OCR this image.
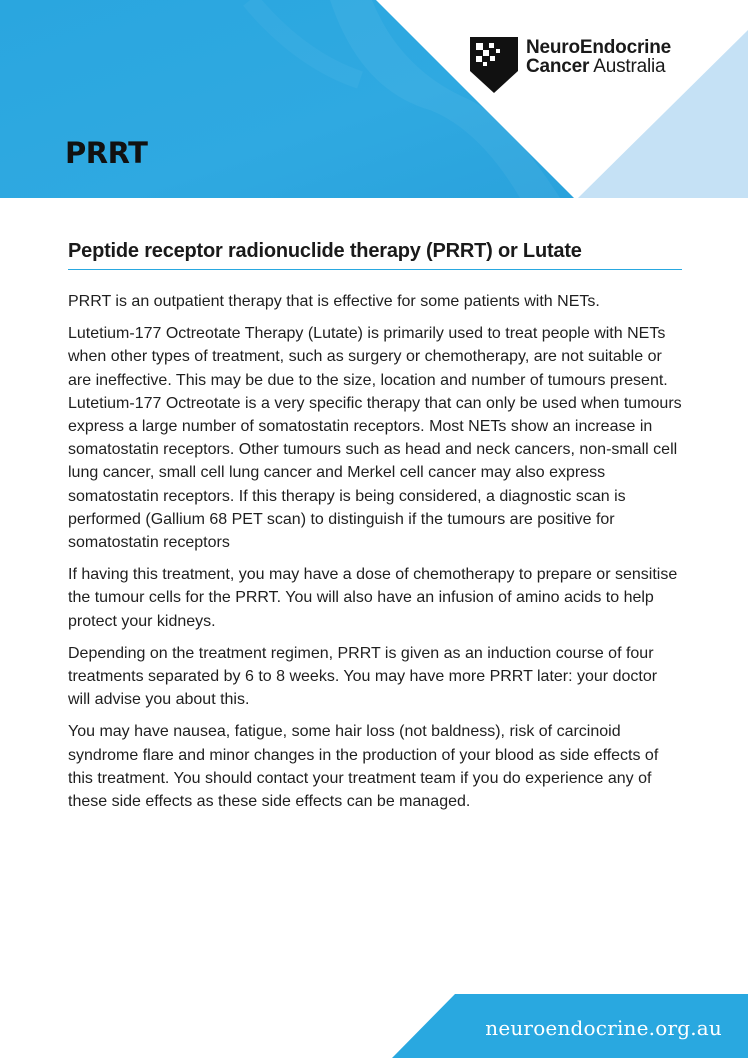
NeuroEndocrine
Cancer Australia
PRRT
Peptide receptor radionuclide therapy (PRRT) or Lutate

PRRT is an outpatient therapy that is effective for some patients with NETs.

Lutetium-177 Octreotate Therapy (Lutate) is primarily used to treat people with NETs when other types of treatment, such as surgery or chemotherapy, are not suitable or are ineffective. This may be due to the size, location and number of tumours present. Lutetium-177 Octreotate is a very specific therapy that can only be used when tumours express a large number of somatostatin receptors. Most NETs show an increase in somatostatin receptors. Other tumours such as head and neck cancers, non-small cell lung cancer, small cell lung cancer and Merkel cell cancer may also express somatostatin receptors. If this therapy is being considered, a diagnostic scan is performed (Gallium 68 PET scan) to distinguish if the tumours are positive for somatostatin receptors

If having this treatment, you may have a dose of chemotherapy to prepare or sensitise the tumour cells for the PRRT. You will also have an infusion of amino acids to help protect your kidneys.

Depending on the treatment regimen, PRRT is given as an induction course of four treatments separated by 6 to 8 weeks. You may have more PRRT later: your doctor will advise you about this.

You may have nausea, fatigue, some hair loss (not baldness), risk of carcinoid syndrome flare and minor changes in the production of your blood as side effects of this treatment. You should contact your treatment team if you do experience any of these side effects as these side effects can be managed.

neuroendocrine.org.au
